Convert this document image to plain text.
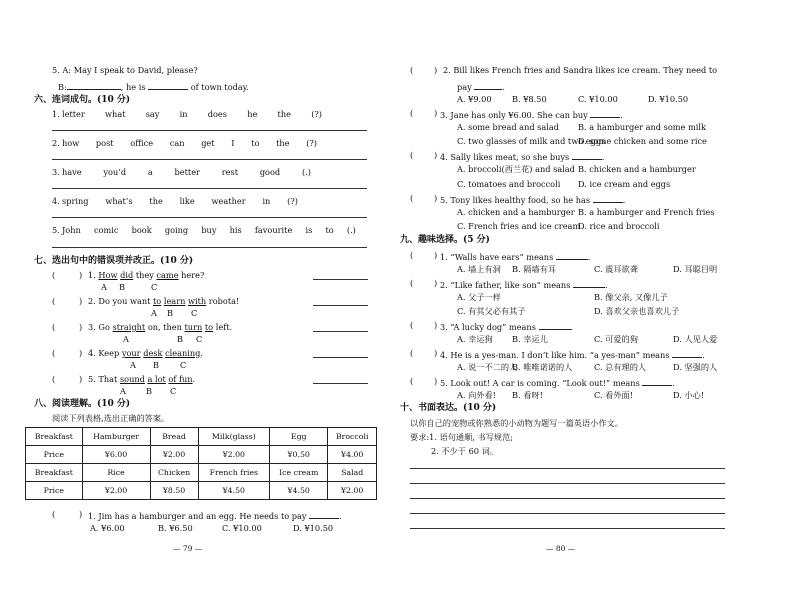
5. A: May I speak to David, please?
B:	, he is	of town today.
六、连词成句。(10 分)
1. letter what say in does he the (?)
2. how post office can get I to the (?)
3. have	you’d	a	better	rest	good	(.)
4. spring what’s the like weather in (?)
5. John comic book going buy his favourite is to (.)
七、选出句中的错误项并改正。(10 分)
(	) 1. How did they came here?
A B	C
(	) 2. Do you want to learn with robota!
A B C
(	) 3. Go straight on, then turn to left.
A	B C
(	) 4. Keep your desk cleaning.
A B	C
(	) 5. That sound a lot of fun.
A B C
八、阅读理解。(10 分)
阅读下列表格,选出正确的答案。
Breakfast	Hamburger	Bread	Milk(glass)	Egg	Broccoli
Price	¥6.00	¥2.00	¥2.00	¥0.50	¥4.00
Breakfast	Rice	Chicken	French fries	Ice cream	Salad
Price	¥2.00	¥8.50	¥4.50	¥4.50	¥2.00
(	) 1. Jim has a hamburger and an egg. He needs to pay	.
A. ¥6.00	B. ¥6.50	C. ¥10.00	D. ¥10.50
— 79 —
(	) 2. Bill likes French fries and Sandra likes ice cream. They need to
pay	.
A. ¥9.00 B. ¥8.50	C. ¥10.00	D. ¥10.50
(	) 3. Jane has only ¥6.00. She can buy	.
A. some bread and salad B. a hamburger and some milk
C. two glasses of milk and two eggs
D. some chicken and some rice
(	) 4. Sally likes meat, so she buys	.
A. broccoli(西兰花) and salad B. chicken and a hamburger
C. tomatoes and broccoli D. ice cream and eggs
(	) 5. Tony likes healthy food, so he has	.
A. chicken and a hamburger B. a hamburger and French fries
C. French fries and ice cream
D. rice and broccoli
九、趣味选择。(5 分)
(	) 1. “Walls have ears” means	.
A. 墙上有洞 B. 隔墙有耳	C. 震耳欲聋	D. 耳聪目明
(	) 2. “Like father, like son” means	.
A. 父子一样	B. 像父亲, 又像儿子
C. 有其父必有其子	D. 喜欢父亲也喜欢儿子
(	) 3. “A lucky dog” means	.
A. 幸运狗 B. 幸运儿	C. 可爱的狗	D. 人见人爱
(	) 4. He is a yes-man. I don’t like him. “a yes-man” means	.
A. 说一不二的人
B. 唯唯诺诺的人	C. 总有理的人	D. 坚强的人
(	) 5. Look out! A car is coming. “Look out!” means	.
A. 向外看! B. 看呀!	C. 看外面!	D. 小心!
十、书面表达。(10 分)
以你自己的宠物或你熟悉的小动物为题写一篇英语小作文。
要求:1. 语句通顺, 书写规范;
2. 不少于 60 词。
— 80 —
